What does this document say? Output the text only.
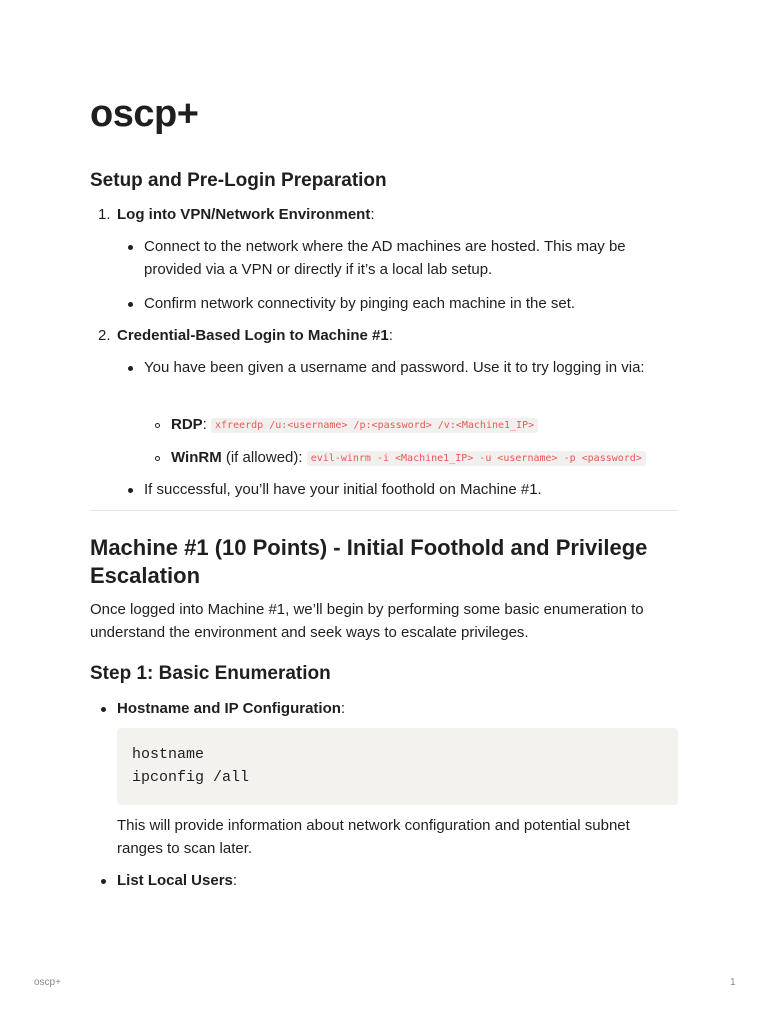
oscp+
Setup and Pre-Login Preparation
1. Log into VPN/Network Environment:
Connect to the network where the AD machines are hosted. This may be provided via a VPN or directly if it’s a local lab setup.
Confirm network connectivity by pinging each machine in the set.
2. Credential-Based Login to Machine #1:
You have been given a username and password. Use it to try logging in via:
RDP: xfreerdp /u:<username> /p:<password> /v:<Machine1_IP>
WinRM (if allowed): evil-winrm -i <Machine1_IP> -u <username> -p <password>
If successful, you’ll have your initial foothold on Machine #1.
Machine #1 (10 Points) - Initial Foothold and Privilege Escalation
Once logged into Machine #1, we’ll begin by performing some basic enumeration to understand the environment and seek ways to escalate privileges.
Step 1: Basic Enumeration
Hostname and IP Configuration:
hostname
ipconfig /all
This will provide information about network configuration and potential subnet ranges to scan later.
List Local Users:
oscp+	1
